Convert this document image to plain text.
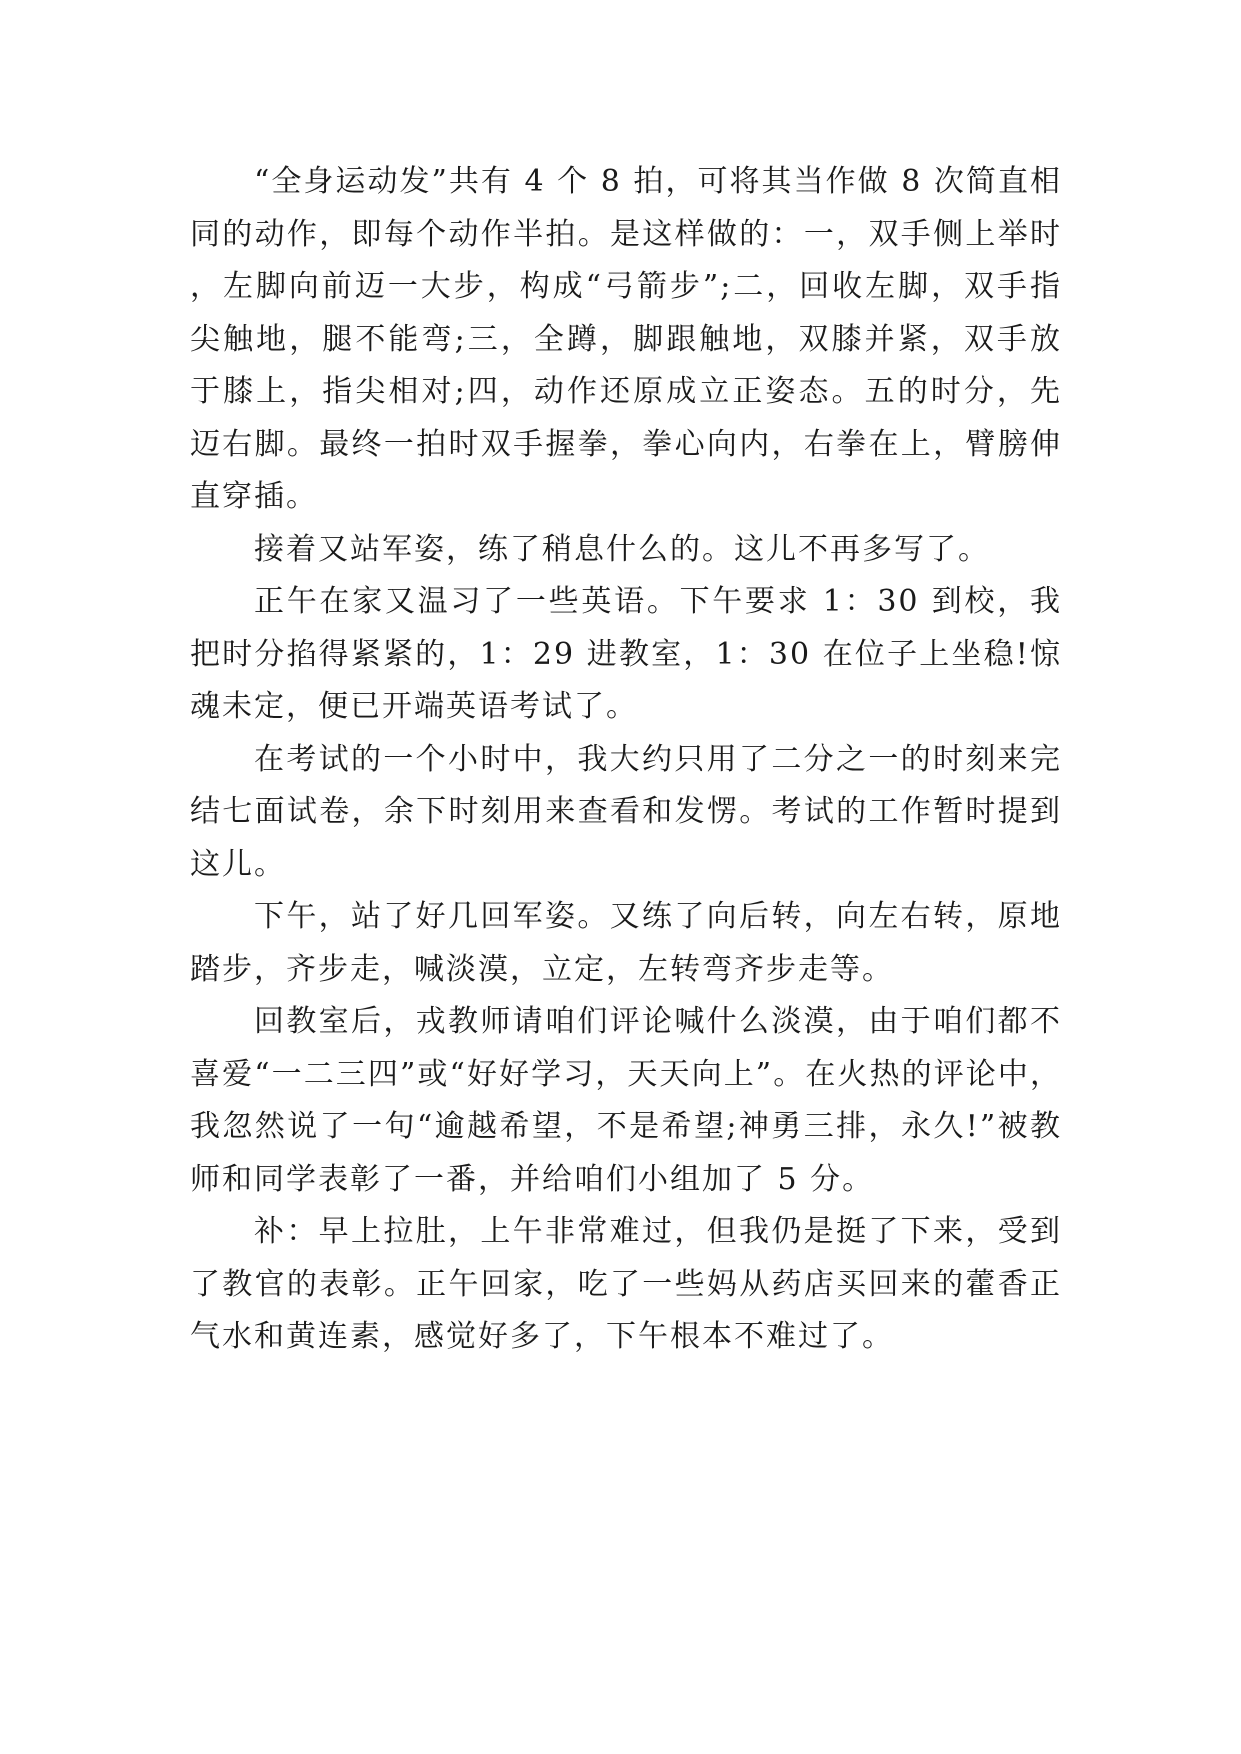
“全身运动发”共有 4 个 8 拍，可将其当作做 8 次简直相同的动作，即每个动作半拍。是这样做的：一，双手侧上举时，左脚向前迈一大步，构成“弓箭步”;二，回收左脚，双手指尖触地，腿不能弯;三，全蹲，脚跟触地，双膝并紧，双手放于膝上，指尖相对;四，动作还原成立正姿态。五的时分，先迈右脚。最终一拍时双手握拳，拳心向内，右拳在上，臂膀伸直穿插。

接着又站军姿，练了稍息什么的。这儿不再多写了。

正午在家又温习了一些英语。下午要求 1：30 到校，我把时分掐得紧紧的，1：29 进教室，1：30 在位子上坐稳!惊魂未定，便已开端英语考试了。

在考试的一个小时中，我大约只用了二分之一的时刻来完结七面试卷，余下时刻用来查看和发愣。考试的工作暂时提到这儿。

下午，站了好几回军姿。又练了向后转，向左右转，原地踏步，齐步走，喊淡漠，立定，左转弯齐步走等。

回教室后，戎教师请咱们评论喊什么淡漠，由于咱们都不喜爱“一二三四”或“好好学习，天天向上”。在火热的评论中，我忽然说了一句“逾越希望，不是希望;神勇三排，永久!”被教师和同学表彰了一番，并给咱们小组加了 5 分。

补：早上拉肚，上午非常难过，但我仍是挺了下来，受到了教官的表彰。正午回家，吃了一些妈从药店买回来的藿香正气水和黄连素，感觉好多了，下午根本不难过了。
